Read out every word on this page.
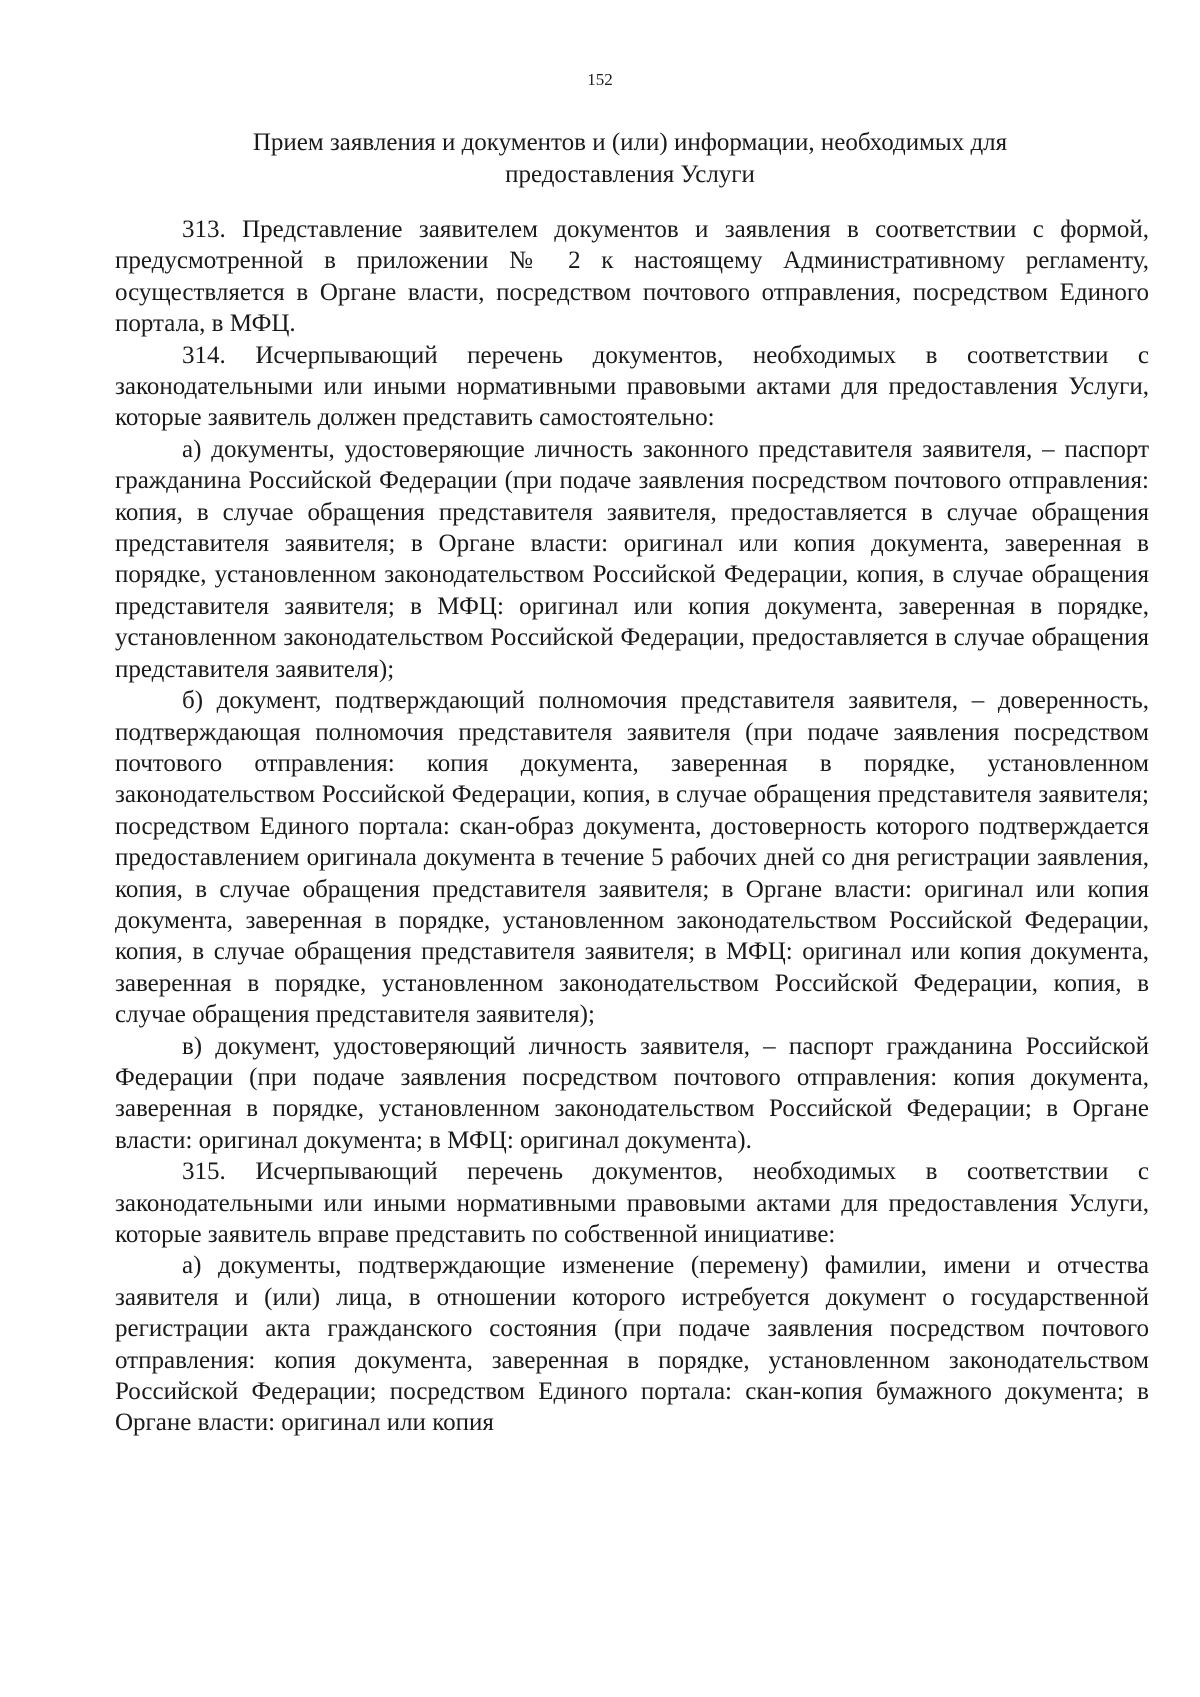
152
Прием заявления и документов и (или) информации, необходимых для
предоставления Услуги

313. Представление заявителем документов и заявления в соответствии с формой, предусмотренной в приложении № 2 к настоящему Административному регламенту, осуществляется в Органе власти, посредством почтового отправления, посредством Единого портала, в МФЦ.

314. Исчерпывающий перечень документов, необходимых в соответствии с законодательными или иными нормативными правовыми актами для предоставления Услуги, которые заявитель должен представить самостоятельно:

а) документы, удостоверяющие личность законного представителя заявителя, – паспорт гражданина Российской Федерации (при подаче заявления посредством почтового отправления: копия, в случае обращения представителя заявителя, предоставляется в случае обращения представителя заявителя; в Органе власти: оригинал или копия документа, заверенная в порядке, установленном законодательством Российской Федерации, копия, в случае обращения представителя заявителя; в МФЦ: оригинал или копия документа, заверенная в порядке, установленном законодательством Российской Федерации, предоставляется в случае обращения представителя заявителя);

б) документ, подтверждающий полномочия представителя заявителя, – доверенность, подтверждающая полномочия представителя заявителя (при подаче заявления посредством почтового отправления: копия документа, заверенная в порядке, установленном законодательством Российской Федерации, копия, в случае обращения представителя заявителя; посредством Единого портала: скан-образ документа, достоверность которого подтверждается предоставлением оригинала документа в течение 5 рабочих дней со дня регистрации заявления, копия, в случае обращения представителя заявителя; в Органе власти: оригинал или копия документа, заверенная в порядке, установленном законодательством Российской Федерации, копия, в случае обращения представителя заявителя; в МФЦ: оригинал или копия документа, заверенная в порядке, установленном законодательством Российской Федерации, копия, в случае обращения представителя заявителя);

в) документ, удостоверяющий личность заявителя, – паспорт гражданина Российской Федерации (при подаче заявления посредством почтового отправления: копия документа, заверенная в порядке, установленном законодательством Российской Федерации; в Органе власти: оригинал документа; в МФЦ: оригинал документа).

315. Исчерпывающий перечень документов, необходимых в соответствии с законодательными или иными нормативными правовыми актами для предоставления Услуги, которые заявитель вправе представить по собственной инициативе:

а) документы, подтверждающие изменение (перемену) фамилии, имени и отчества заявителя и (или) лица, в отношении которого истребуется документ о государственной регистрации акта гражданского состояния (при подаче заявления посредством почтового отправления: копия документа, заверенная в порядке, установленном законодательством Российской Федерации; посредством Единого портала: скан-копия бумажного документа; в Органе власти: оригинал или копия
